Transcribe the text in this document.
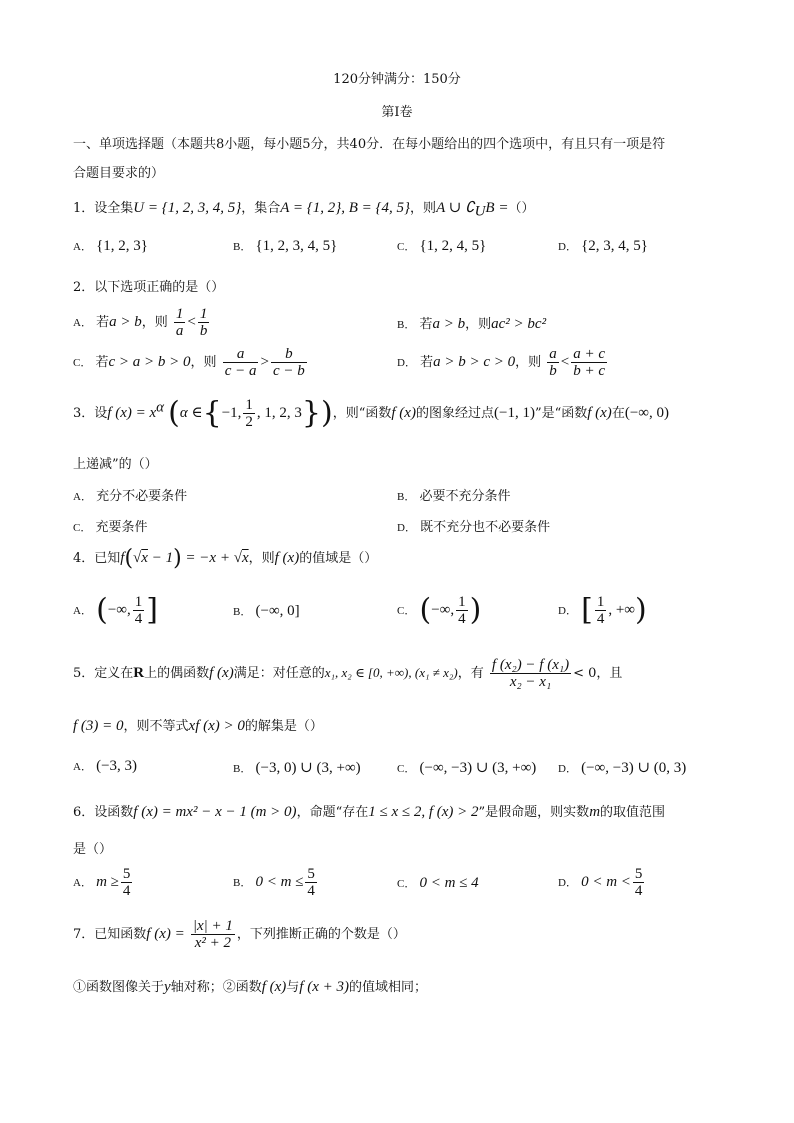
120分钟满分：150分
第Ⅰ卷
一、单项选择题（本题共8小题，每小题5分，共40分．在每小题给出的四个选项中，有且只有一项是符
合题目要求的）
1．设全集U = {1, 2, 3, 4, 5}，集合A = {1, 2}, B = {4, 5}，则A ∪ $∁_UB$ =（）
A． {1, 2, 3}	B． {1, 2, 3, 4, 5}	C． {1, 2, 4, 5}	D． {2, 3, 4, 5}
2．以下选项正确的是（）
A． 若a > b，则 $\frac{1}{a} < \frac{1}{b}$	B． 若a > b，则ac² > bc²
C． 若c > a > b > 0，则 $\frac{a}{c - a} > \frac{b}{c - b}$	D． 若a > b > c > 0，则 $\frac{a}{b} < \frac{a + c}{b + c}$
3．设f $(x) = x^\alpha$ (α ∈{−1, $\frac{1}{2}$ , 1, 2, 3})，则“函数f (x)的图象经过点(−1, 1)”是“函数f (x)在(−∞, 0)
上递减”的（）
A． 充分不必要条件	B． 必要不充分条件
C． 充要条件	D． 既不充分也不必要条件
4．已知f(√x − 1) = −x + √x，则f (x)的值域是（）
A． (−∞, $\frac{1}{4}$ ]	B． (−∞, 0]	C． (−∞, $\frac{1}{4}$ )	D． [ $\frac{1}{4}$ , +∞)
5．定义在R上的偶函数f (x)满足：对任意的x₁, x₂ ∈ [0, +∞), (x₁ ≠ x₂)，有 $\frac{\text{f (x₂) − f (x₁)}}{\text{x₂ − x₁}} < 0$，且
f (3) = 0，则不等式xf (x) > 0的解集是（）
A． (−3, 3)	B． (−3, 0) ∪ (3, +∞)	C． (−∞, −3) ∪ (3, +∞) D． (−∞, −3) ∪ (0, 3)
6．设函数f (x) = mx² − x − 1 (m > 0)，命题“存在1 ≤ x ≤ 2, f (x) > 2”是假命题，则实数m的取值范围
是（）
A． $m \ge \frac{5}{4}$	B． $0 < m \le \frac{5}{4}$	C． 0 < m ≤ 4	D． $0 < m < \frac{5}{4}$
7．已知函数f $(x) = \frac{|x| + 1}{\text{x² + 2}}$ ，下列推断正确的个数是（）
①函数图像关于y轴对称；②函数f (x)与f (x + 3)的值域相同；
